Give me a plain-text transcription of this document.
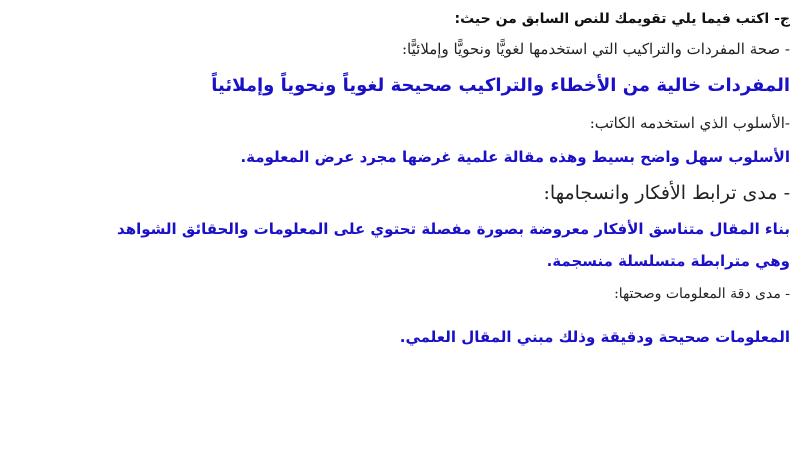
ج- اكتب فيما يلي تقويمك للنص السابق من حيث:
- صحة المفردات والتراكيب التي استخدمها لغويًّا ونحويًّا وإملائيًّا:
المفردات خالية من الأخطاء والتراكيب صحيحة لغوياً ونحوياً وإملائياً
-الأسلوب الذي استخدمه الكاتب:
الأسلوب سهل واضح بسيط وهذه مقالة علمية غرضها مجرد عرض المعلومة.
- مدى ترابط الأفكار وانسجامها:
بناء المقال متناسق الأفكار معروضة بصورة مفصلة تحتوي على المعلومات والحقائق الشواهد
وهي مترابطة متسلسلة منسجمة.
- مدى دقة المعلومات وصحتها:
المعلومات صحيحة ودقيقة وذلك مبني المقال العلمي.
